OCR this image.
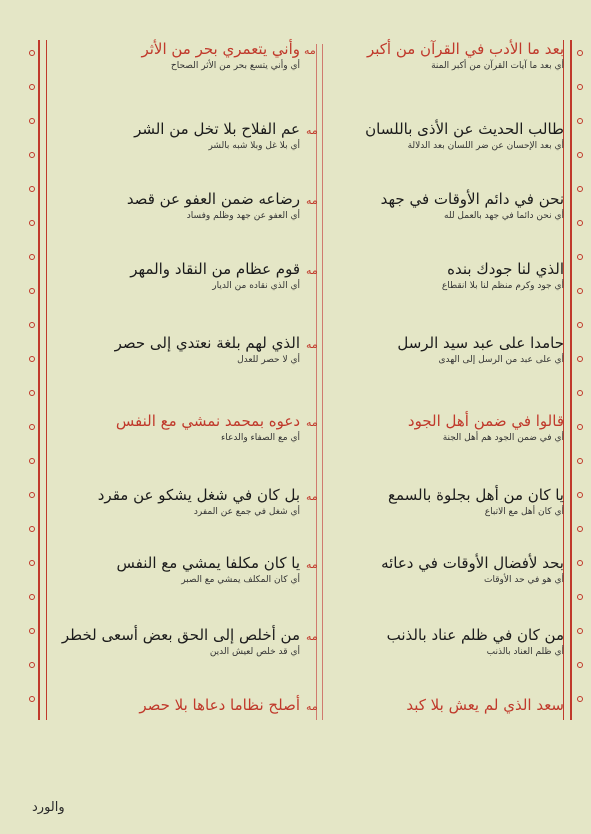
بعد ما الأدب في القرآن من أكبر
أي بعد ما آيات القرآن من أكبر المنة
مه
وأني يتعمري بحر من الأثر
أي وأني يتسع بحر من الأثر الصحاح
طالب الحديث عن الأذى باللسان
أي بعد الإحسان عن ضر اللسان بعد الدلالة
مه
عم الفلاح بلا تخل من الشر
أي بلا غل وبلا شبه بالشر
نحن في دائم الأوقات في جهد
أي نحن دائما في جهد بالعمل لله
مه
رضاعه ضمن العفو عن قصد
أي العفو عن جهد وظلم وفساد
الذي لنا جودك بنده
أي جود وكرم منظم لنا بلا انقطاع
مه
قوم عظام من النقاد والمهر
أي الذي نقاده من الديار
حامدا على عبد سيد الرسل
أي على عبد من الرسل إلى الهدى
مه
الذي لهم بلغة نعتدي إلى حصر
أي لا حصر للعدل
قالوا في ضمن أهل الجود
أي في ضمن الجود هم أهل الجنة
مه
دعوه بمحمد نمشي مع النفس
أي مع الصفاء والدعاء
يا كان من أهل بجلوة بالسمع
أي كان أهل مع الاتباع
مه
بل كان في شغل يشكو عن مقرد
أي شغل في جمع عن المفرد
بحد لأفضال الأوقات في دعائه
أي هو في حد الأوقات
مه
يا كان مكلفا يمشي مع النفس
أي كان المكلف يمشي مع الصبر
من كان في ظلم عناد بالذنب
أي ظلم العناد بالذنب
مه
من أخلص إلى الحق بعض أسعى لخطر
أي قد خلص لعيش الدين
سعد الذي لم يعش بلا كبد
مه
أصلح نظاما دعاها بلا حصر
والورد
